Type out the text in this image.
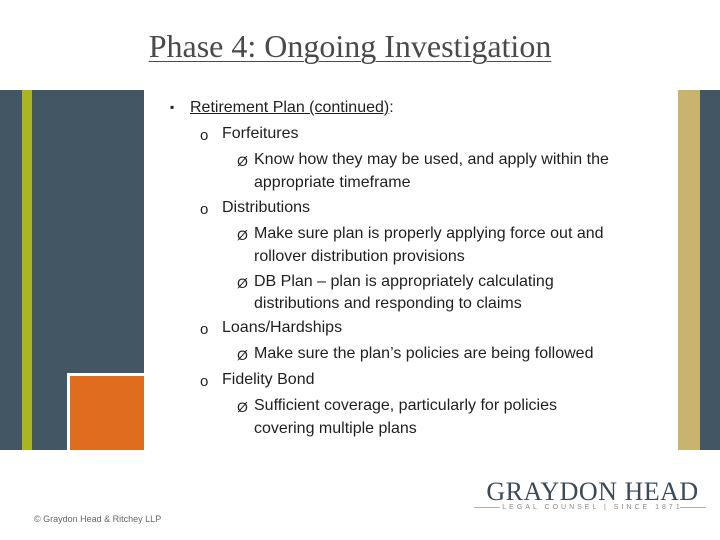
Phase 4: Ongoing Investigation
▪ Retirement Plan (continued):
o Forfeitures
Ø Know how they may be used, and apply within the
appropriate timeframe
o Distributions
Ø Make sure plan is properly applying force out and
rollover distribution provisions
Ø DB Plan – plan is appropriately calculating
distributions and responding to claims
o Loans/Hardships
Ø Make sure the plan’s policies are being followed
o Fidelity Bond
Ø Sufficient coverage, particularly for policies
covering multiple plans
© Graydon Head & Ritchey LLP
GRAYDON HEAD
LEGAL COUNSEL | SINCE 1871
